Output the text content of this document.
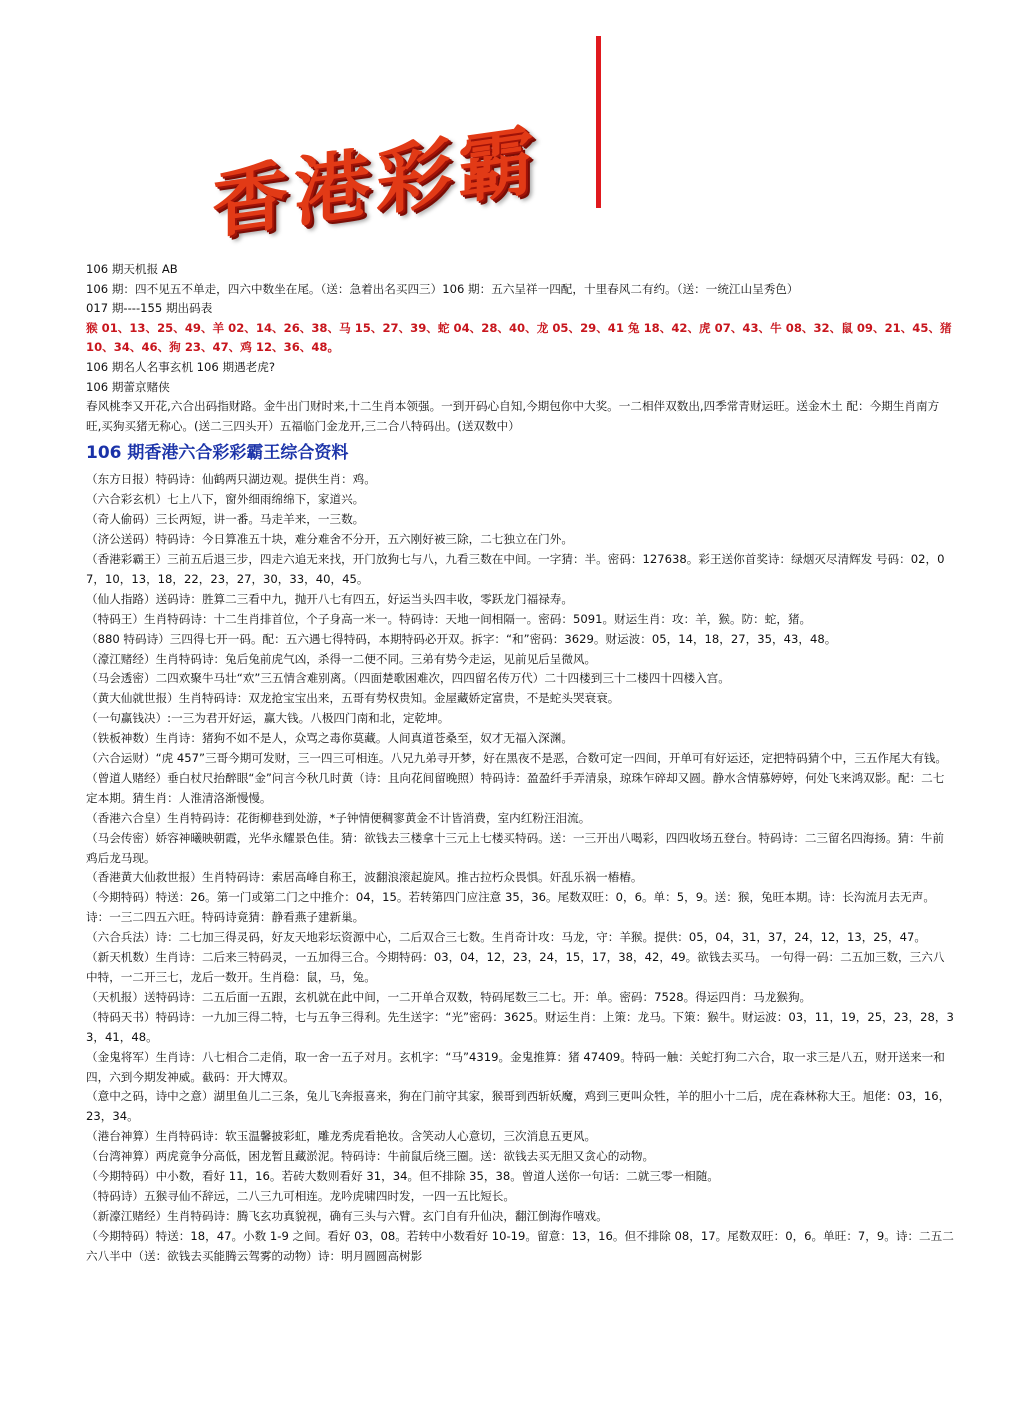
香港彩霸

106 期天机报 AB

106 期：四不见五不单走，四六中数坐在尾。（送：急着出名买四三）106 期：五六呈祥一四配，十里春风二有约。（送：一统江山呈秀色）

017 期----155 期出码表

猴 01、13、25、49、羊 02、14、26、38、马 15、27、39、蛇 04、28、40、龙 05、29、41 兔 18、42、虎 07、43、牛 08、32、鼠 09、21、45、猪 10、34、46、狗 23、47、鸡 12、36、48。

106 期名人名事玄机 106 期遇老虎?

106 期蕾京赌侠

春风桃李又开花,六合出码指财路。金牛出门财时来,十二生肖本领强。一到开码心自知,今期包你中大奖。一二相伴双数出,四季常青财运旺。送金木土 配：今期生肖南方旺,买狗买猪无称心。(送二三四头开）五福临门金龙开,三二合八特码出。(送双数中）

106 期香港六合彩彩霸王综合资料

（东方日报）特码诗：仙鹤两只湖边观。提供生肖：鸡。

（六合彩玄机）七上八下，窗外细雨绵绵下，家道兴。

（奇人偷码）三长两短，讲一番。马走羊来，一三数。

（济公送码）特码诗：今日算准五十块，难分难舍不分开，五六刚好被三除，二七独立在门外。

（香港彩霸王）三前五后退三步，四走六追无来找，开门放狗七与八，九看三数在中间。一字猜：半。密码：127638。彩王送你首奖诗：绿烟灭尽清辉发 号码：02，07，10，13，18，22，23，27，30，33，40，45。

（仙人指路）送码诗：胜算二三看中九，抛开八七有四五，好运当头四丰收，零跃龙门福禄寿。

（特码王）生肖特码诗：十二生肖排首位，个子身高一米一。特码诗：天地一间相隔一。密码：5091。财运生肖：攻：羊，猴。防：蛇，猪。

（880 特码诗）三四得七开一码。配：五六遇七得特码，本期特码必开双。拆字：“和”密码：3629。财运波：05，14，18，27，35，43，48。

（濠江赌经）生肖特码诗：兔后兔前虎气凶，杀得一二便不同。三弟有势今走运，见前见后呈微风。

（马会透密）二四欢聚牛马壮“欢”三五情含难别离。（四面楚歌困难次，四四留名传万代）二十四楼到三十二楼四十四楼入宫。

（黄大仙就世报）生肖特码诗：双龙抢宝宝出来，五哥有势权贵知。金屋藏娇定富贵，不是蛇头哭衰衰。

（一句赢钱决）:一三为君开好运，赢大钱。八极四门南和北，定乾坤。

（铁板神数）生肖诗：猪狗不如不是人，众骂之毒你莫藏。人间真道苍桑至，奴才无福入深渊。

（六合运财）“虎 457”三哥今期可发财，三一四三可相连。八兄九弟寻开梦，好在黑夜不是恶，合数可定一四间，开单可有好运还，定把特码猜个中，三五作尾大有钱。

（曾道人赌经）垂白杖尺抬醉眼“金”问言今秋几时黄（诗：且向花间留晚照）特码诗：盈盈纤手弄清泉，琼珠乍碎却又圆。静水含情慕婷婷，何处飞来鸿双影。配：二七定本期。猜生肖：人淮清洛渐慢慢。

（香港六合皇）生肖特码诗：花街柳巷到处游，*子钟情便稠寥黄金不计皆消费，室内红粉汪泪流。

（马会传密）娇容神曦映朝霞，光华永耀景色佳。猜：欲钱去三楼拿十三元上七楼买特码。送：一三开出八喝彩，四四收场五登台。特码诗：二三留名四海扬。猜：牛前鸡后龙马现。

（香港黄大仙救世报）生肖特码诗：索居高峰自称王，波翻浪滚起旋风。推古拉朽众畏惧。奸乱乐祸一樁樁。

（今期特码）特送：26。第一门或第二门之中推介：04，15。若转第四门应注意 35，36。尾数双旺：0，6。单：5，9。送：猴，兔旺本期。诗：长沟流月去无声。诗：一三二四五六旺。特码诗竟猜：静看燕子建新巢。

（六合兵法）诗：二七加三得灵码，好友天地彩坛资源中心，二后双合三七数。生肖奇计攻：马龙，守：羊猴。提供：05，04，31，37，24，12，13，25，47。

（新天机数）生肖诗：二后来三特码灵，一五加得三合。今期特码：03，04，12，23，24，15，17，38，42，49。欲钱去买马。 一句得一码：二五加三数，三六八中特，一二开三七，龙后一数开。生肖稳：鼠，马，兔。

（天机报）送特码诗：二五后面一五跟，玄机就在此中间，一二开单合双数，特码尾数三二七。开：单。密码：7528。得运四肖：马龙猴狗。

（特码天书）特码诗：一九加三得二特，七与五争三得利。先生送字：“光”密码：3625。财运生肖：上策：龙马。下策：猴牛。财运波：03，11，19，25，23，28，33，41，48。

（金鬼将军）生肖诗：八七相合二走俏，取一舍一五子对月。玄机字：“马”4319。金鬼推算：猪 47409。特码一触：关蛇打狗二六合，取一求三是八五，财开送来一和四，六到今期发神威。截码：开大博双。

（意中之码，诗中之意）湖里鱼儿二三条，兔儿飞奔报喜来，狗在门前守其家，猴哥到西斩妖魔，鸡到三更叫众牲，羊的胆小十二后，虎在森林称大王。旭佬：03，16，23，34。

（港台神算）生肖特码诗：软玉温馨披彩虹，雕龙秀虎看艳妆。含笑动人心意切，三次消息五更风。

（台湾神算）两虎竟争分高低，困龙暂且藏淤泥。特码诗：牛前鼠后绕三圈。送：欲钱去买无胆又贪心的动物。

（今期特码）中小数，看好 11，16。若砖大数则看好 31，34。但不排除 35，38。曾道人送你一句话：二就三零一相随。

（特码诗）五猴寻仙不辞远，二八三九可相连。龙吟虎啸四时发，一四一五比短长。

（新濠江赌经）生肖特码诗：腾飞玄功真貌视，确有三头与六臂。玄门自有升仙决，翻江倒海作嘻戏。

（今期特码）特送：18，47。小数 1-9 之间。看好 03，08。若转中小数看好 10-19。留意：13，16。但不排除 08，17。尾数双旺：0，6。单旺：7，9。诗：二五二六八半中（送：欲钱去买能腾云驾雾的动物）诗：明月圆圆高树影
